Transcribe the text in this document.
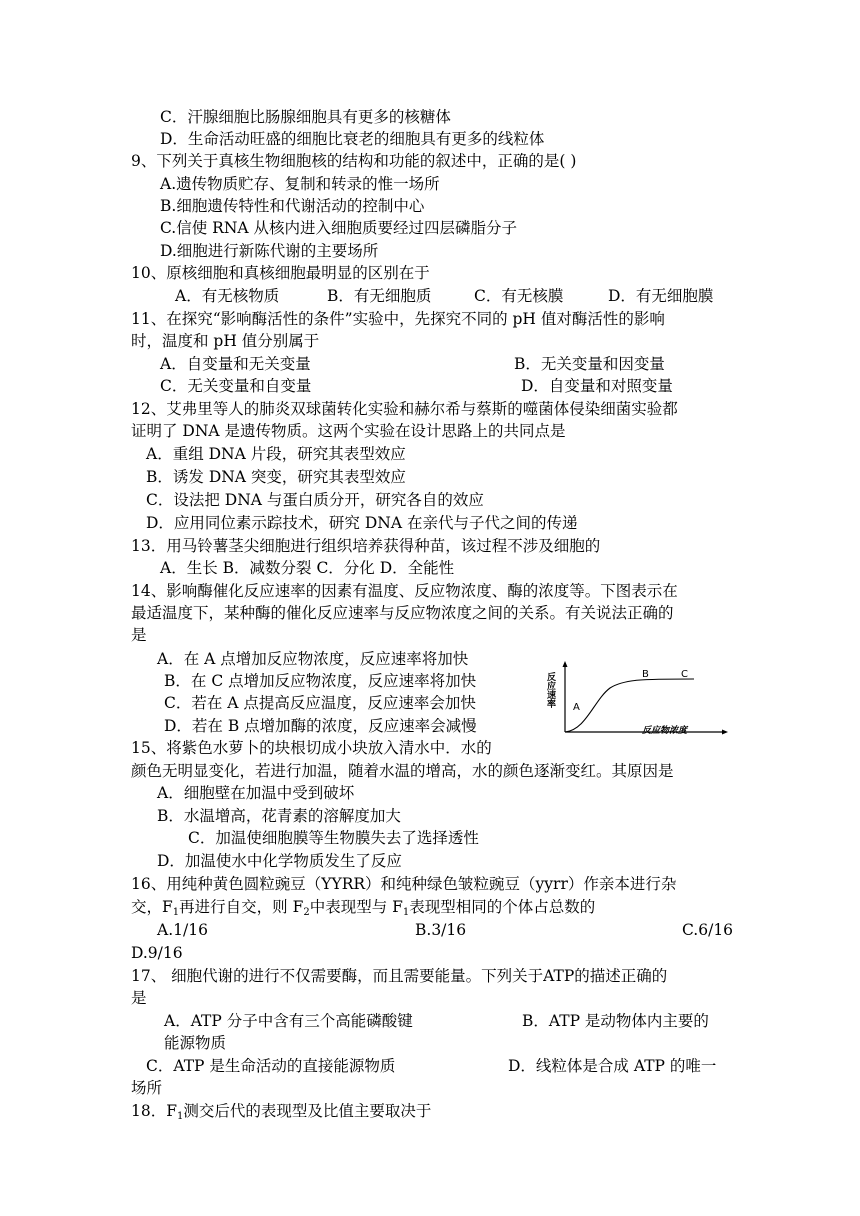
C．汗腺细胞比肠腺细胞具有更多的核糖体
D．生命活动旺盛的细胞比衰老的细胞具有更多的线粒体
9、下列关于真核生物细胞核的结构和功能的叙述中，正确的是( )
A.遗传物质贮存、复制和转录的惟一场所
B.细胞遗传特性和代谢活动的控制中心
C.信使 RNA 从核内进入细胞质要经过四层磷脂分子
D.细胞进行新陈代谢的主要场所
10、原核细胞和真核细胞最明显的区别在于
A．有无核物质	B．有无细胞质	C．有无核膜	D．有无细胞膜
11、在探究“影响酶活性的条件”实验中，先探究不同的 pH 值对酶活性的影响
时，温度和 pH 值分别属于
A．自变量和无关变量	B．无关变量和因变量
C．无关变量和自变量	D．自变量和对照变量
12、艾弗里等人的肺炎双球菌转化实验和赫尔希与蔡斯的噬菌体侵染细菌实验都
证明了 DNA 是遗传物质。这两个实验在设计思路上的共同点是
A．重组 DNA 片段，研究其表型效应
B．诱发 DNA 突变，研究其表型效应
C．设法把 DNA 与蛋白质分开，研究各自的效应
D．应用同位素示踪技术，研究 DNA 在亲代与子代之间的传递
13．用马铃薯茎尖细胞进行组织培养获得种苗，该过程不涉及细胞的
A．生长 B．减数分裂 C．分化 D．全能性
14、影响酶催化反应速率的因素有温度、反应物浓度、酶的浓度等。下图表示在
最适温度下，某种酶的催化反应速率与反应物浓度之间的关系。有关说法正确的
是
A．在 A 点增加反应物浓度，反应速率将加快
B．在 C 点增加反应物浓度，反应速率将加快
C．若在 A 点提高反应温度，反应速率会加快
D．若在 B 点增加酶的浓度，反应速率会减慢
反应速率
反应物浓度
A
B	C
15、将紫色水萝卜的块根切成小块放入清水中．水的
颜色无明显变化，若进行加温，随着水温的增高，水的颜色逐渐变红。其原因是
A．细胞壁在加温中受到破坏
B．水温增高，花青素的溶解度加大
C．加温使细胞膜等生物膜失去了选择透性
D．加温使水中化学物质发生了反应
16、用纯种黄色圆粒豌豆（YYRR）和纯种绿色皱粒豌豆（yyrr）作亲本进行杂
交，$F_1$再进行自交，则 $F_2$中表现型与 $F_1$表现型相同的个体占总数的
A.1/16	B.3/16	C.6/16
D.9/16
17、 细胞代谢的进行不仅需要酶，而且需要能量。下列关于ATP的描述正确的
是
A．ATP 分子中含有三个高能磷酸键	B．ATP 是动物体内主要的
能源物质
C．ATP 是生命活动的直接能源物质	D．线粒体是合成 ATP 的唯一
场所
18．$F_1$测交后代的表现型及比值主要取决于
